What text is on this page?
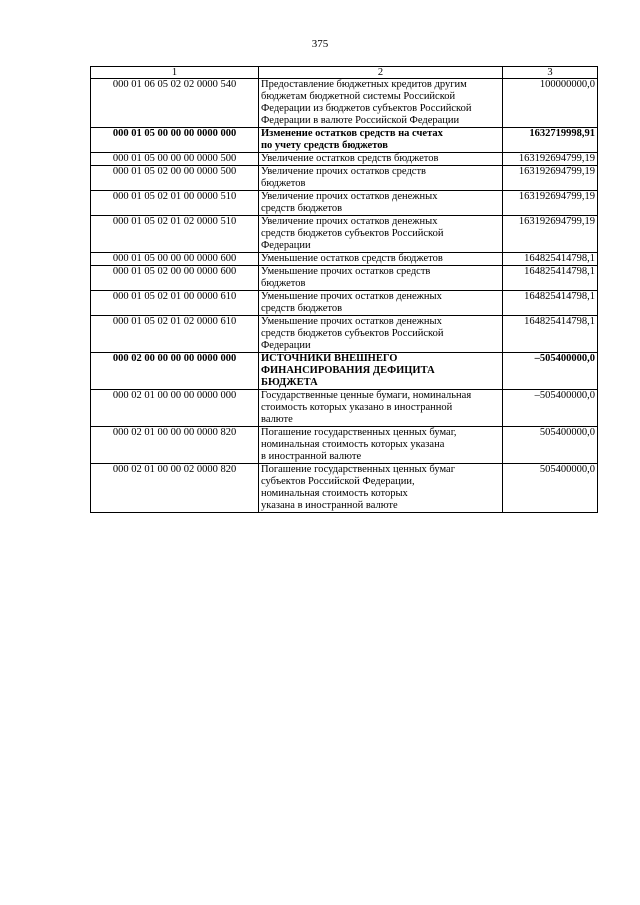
375
1	2	3
000 01 06 05 02 02 0000 540	Предоставление бюджетных кредитов другим
бюджетам бюджетной системы Российской
Федерации из бюджетов субъектов Российской
Федерации в валюте Российской Федерации	100000000,0
000 01 05 00 00 00 0000 000	Изменение остатков средств на счетах
по учету средств бюджетов	1632719998,91
000 01 05 00 00 00 0000 500	Увеличение остатков средств бюджетов	163192694799,19
000 01 05 02 00 00 0000 500	Увеличение прочих остатков средств
бюджетов	163192694799,19
000 01 05 02 01 00 0000 510	Увеличение прочих остатков денежных
средств бюджетов	163192694799,19
000 01 05 02 01 02 0000 510	Увеличение прочих остатков денежных
средств бюджетов субъектов Российской
Федерации	163192694799,19
000 01 05 00 00 00 0000 600	Уменьшение остатков средств бюджетов	164825414798,1
000 01 05 02 00 00 0000 600	Уменьшение прочих остатков средств
бюджетов	164825414798,1
000 01 05 02 01 00 0000 610	Уменьшение прочих остатков денежных
средств бюджетов	164825414798,1
000 01 05 02 01 02 0000 610	Уменьшение прочих остатков денежных
средств бюджетов субъектов Российской
Федерации	164825414798,1
000 02 00 00 00 00 0000 000	ИСТОЧНИКИ ВНЕШНЕГО
ФИНАНСИРОВАНИЯ ДЕФИЦИТА
БЮДЖЕТА	–505400000,0
000 02 01 00 00 00 0000 000	Государственные ценные бумаги, номинальная
стоимость которых указано в иностранной
валюте	–505400000,0
000 02 01 00 00 00 0000 820	Погашение государственных ценных бумаг,
номинальная стоимость которых указана
в иностранной валюте	505400000,0
000 02 01 00 00 02 0000 820	Погашение государственных ценных бумаг
субъектов Российской Федерации,
номинальная стоимость которых
указана в иностранной валюте	505400000,0
